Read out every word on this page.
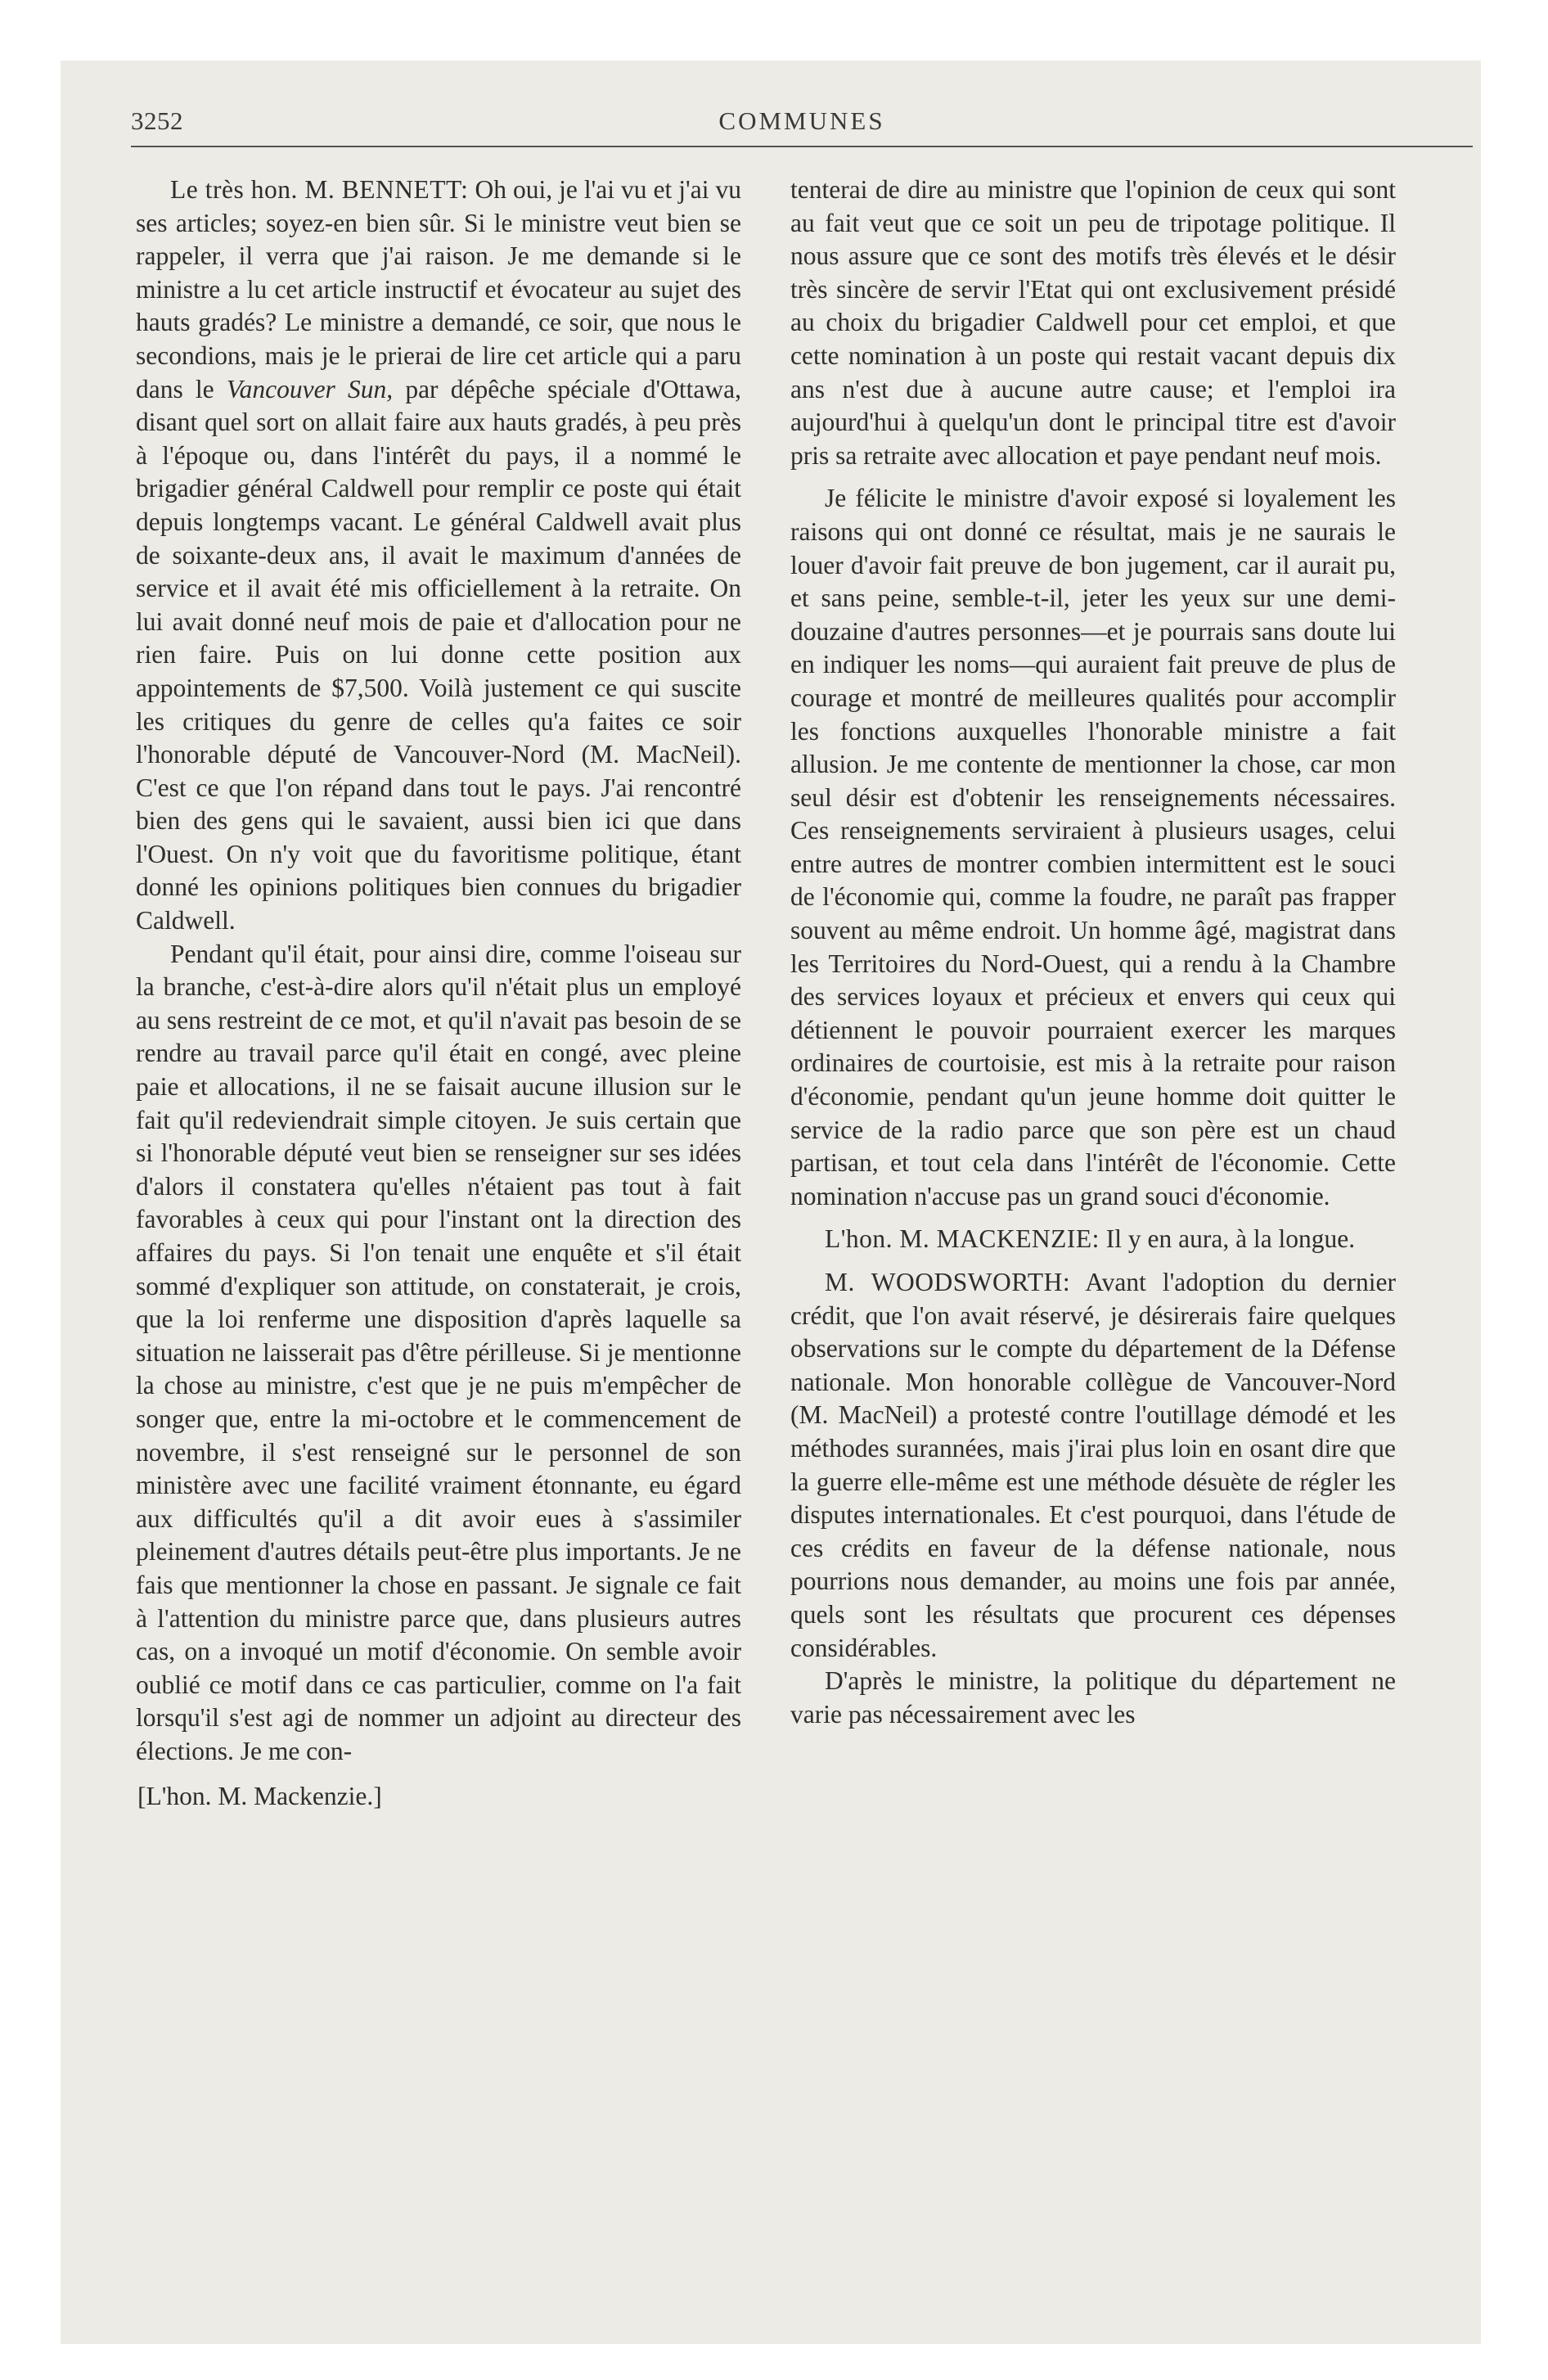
3252	COMMUNES

Le très hon. M. BENNETT: Oh oui, je l'ai vu et j'ai vu ses articles; soyez-en bien sûr. Si le ministre veut bien se rappeler, il verra que j'ai raison. Je me demande si le ministre a lu cet article instructif et évocateur au sujet des hauts gradés? Le ministre a demandé, ce soir, que nous le secondions, mais je le prierai de lire cet article qui a paru dans le Vancouver Sun, par dépêche spéciale d'Ottawa, disant quel sort on allait faire aux hauts gradés, à peu près à l'époque ou, dans l'intérêt du pays, il a nommé le brigadier général Caldwell pour remplir ce poste qui était depuis longtemps vacant. Le général Caldwell avait plus de soixante-deux ans, il avait le maximum d'années de service et il avait été mis officiellement à la retraite. On lui avait donné neuf mois de paie et d'allocation pour ne rien faire. Puis on lui donne cette position aux appointements de $7,500. Voilà justement ce qui suscite les critiques du genre de celles qu'a faites ce soir l'honorable député de Vancouver-Nord (M. MacNeil). C'est ce que l'on répand dans tout le pays. J'ai rencontré bien des gens qui le savaient, aussi bien ici que dans l'Ouest. On n'y voit que du favoritisme politique, étant donné les opinions politiques bien connues du brigadier Caldwell.

Pendant qu'il était, pour ainsi dire, comme l'oiseau sur la branche, c'est-à-dire alors qu'il n'était plus un employé au sens restreint de ce mot, et qu'il n'avait pas besoin de se rendre au travail parce qu'il était en congé, avec pleine paie et allocations, il ne se faisait aucune illusion sur le fait qu'il redeviendrait simple citoyen. Je suis certain que si l'honorable député veut bien se renseigner sur ses idées d'alors il constatera qu'elles n'étaient pas tout à fait favorables à ceux qui pour l'instant ont la direction des affaires du pays. Si l'on tenait une enquête et s'il était sommé d'expliquer son attitude, on constaterait, je crois, que la loi renferme une disposition d'après laquelle sa situation ne laisserait pas d'être périlleuse. Si je mentionne la chose au ministre, c'est que je ne puis m'empêcher de songer que, entre la mi-octobre et le commencement de novembre, il s'est renseigné sur le personnel de son ministère avec une facilité vraiment étonnante, eu égard aux difficultés qu'il a dit avoir eues à s'assimiler pleinement d'autres détails peut-être plus importants. Je ne fais que mentionner la chose en passant. Je signale ce fait à l'attention du ministre parce que, dans plusieurs autres cas, on a invoqué un motif d'économie. On semble avoir oublié ce motif dans ce cas particulier, comme on l'a fait lorsqu'il s'est agi de nommer un adjoint au directeur des élections. Je me con-

[L'hon. M. Mackenzie.]

tenterai de dire au ministre que l'opinion de ceux qui sont au fait veut que ce soit un peu de tripotage politique. Il nous assure que ce sont des motifs très élevés et le désir très sincère de servir l'Etat qui ont exclusivement présidé au choix du brigadier Caldwell pour cet emploi, et que cette nomination à un poste qui restait vacant depuis dix ans n'est due à aucune autre cause; et l'emploi ira aujourd'hui à quelqu'un dont le principal titre est d'avoir pris sa retraite avec allocation et paye pendant neuf mois.

Je félicite le ministre d'avoir exposé si loyalement les raisons qui ont donné ce résultat, mais je ne saurais le louer d'avoir fait preuve de bon jugement, car il aurait pu, et sans peine, semble-t-il, jeter les yeux sur une demi-douzaine d'autres personnes—et je pourrais sans doute lui en indiquer les noms—qui auraient fait preuve de plus de courage et montré de meilleures qualités pour accomplir les fonctions auxquelles l'honorable ministre a fait allusion. Je me contente de mentionner la chose, car mon seul désir est d'obtenir les renseignements nécessaires. Ces renseignements serviraient à plusieurs usages, celui entre autres de montrer combien intermittent est le souci de l'économie qui, comme la foudre, ne paraît pas frapper souvent au même endroit. Un homme âgé, magistrat dans les Territoires du Nord-Ouest, qui a rendu à la Chambre des services loyaux et précieux et envers qui ceux qui détiennent le pouvoir pourraient exercer les marques ordinaires de courtoisie, est mis à la retraite pour raison d'économie, pendant qu'un jeune homme doit quitter le service de la radio parce que son père est un chaud partisan, et tout cela dans l'intérêt de l'économie. Cette nomination n'accuse pas un grand souci d'économie.

L'hon. M. MACKENZIE: Il y en aura, à la longue.

M. WOODSWORTH: Avant l'adoption du dernier crédit, que l'on avait réservé, je désirerais faire quelques observations sur le compte du département de la Défense nationale. Mon honorable collègue de Vancouver-Nord (M. MacNeil) a protesté contre l'outillage démodé et les méthodes surannées, mais j'irai plus loin en osant dire que la guerre elle-même est une méthode désuète de régler les disputes internationales. Et c'est pourquoi, dans l'étude de ces crédits en faveur de la défense nationale, nous pourrions nous demander, au moins une fois par année, quels sont les résultats que procurent ces dépenses considérables.

D'après le ministre, la politique du département ne varie pas nécessairement avec les
